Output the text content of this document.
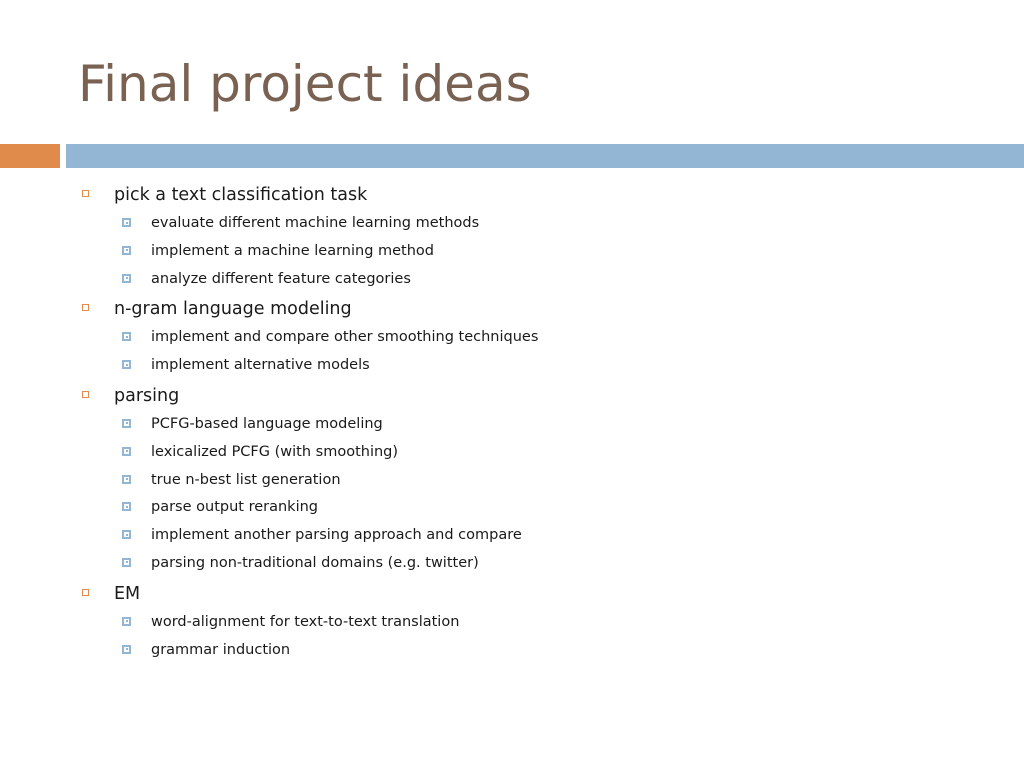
Final project ideas
pick a text classification task
evaluate different machine learning methods
implement a machine learning method
analyze different feature categories
n-gram language modeling
implement and compare other smoothing techniques
implement alternative models
parsing
PCFG-based language modeling
lexicalized PCFG (with smoothing)
true n-best list generation
parse output reranking
implement another parsing approach and compare
parsing non-traditional domains (e.g. twitter)
EM
word-alignment for text-to-text translation
grammar induction
